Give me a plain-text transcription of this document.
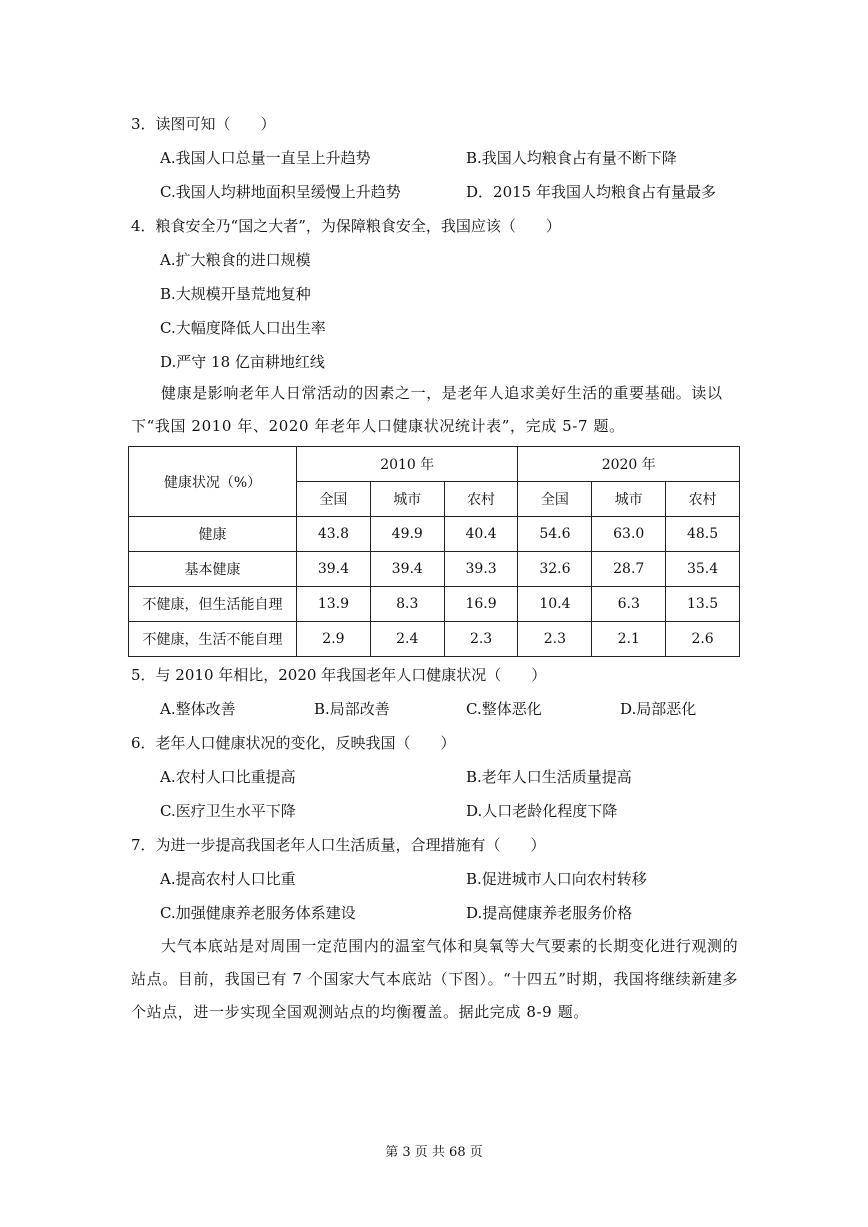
3．读图可知（　　）
A.我国人口总量一直呈上升趋势	B.我国人均粮食占有量不断下降
C.我国人均耕地面积呈缓慢上升趋势	D．2015 年我国人均粮食占有量最多
4．粮食安全乃“国之大者”，为保障粮食安全，我国应该（　　）
A.扩大粮食的进口规模
B.大规模开垦荒地复种
C.大幅度降低人口出生率
D.严守 18 亿亩耕地红线
健康是影响老年人日常活动的因素之一，是老年人追求美好生活的重要基础。读以下“我国 2010 年、2020 年老年人口健康状况统计表”，完成 5-7 题。
健康状况（%）	2010 年			2020 年		
	全国	城市	农村	全国	城市	农村
健康	43.8	49.9	40.4	54.6	63.0	48.5
基本健康	39.4	39.4	39.3	32.6	28.7	35.4
不健康，但生活能自理	13.9	8.3	16.9	10.4	6.3	13.5
不健康，生活不能自理	2.9	2.4	2.3	2.3	2.1	2.6
5．与 2010 年相比，2020 年我国老年人口健康状况（　　）
A.整体改善	B.局部改善	C.整体恶化	D.局部恶化
6．老年人口健康状况的变化，反映我国（　　）
A.农村人口比重提高	B.老年人口生活质量提高
C.医疗卫生水平下降	D.人口老龄化程度下降
7．为进一步提高我国老年人口生活质量，合理措施有（　　）
A.提高农村人口比重	B.促进城市人口向农村转移
C.加强健康养老服务体系建设	D.提高健康养老服务价格
大气本底站是对周围一定范围内的温室气体和臭氧等大气要素的长期变化进行观测的站点。目前，我国已有 7 个国家大气本底站（下图）。“十四五”时期，我国将继续新建多个站点，进一步实现全国观测站点的均衡覆盖。据此完成 8-9 题。
第 3 页 共 68 页
